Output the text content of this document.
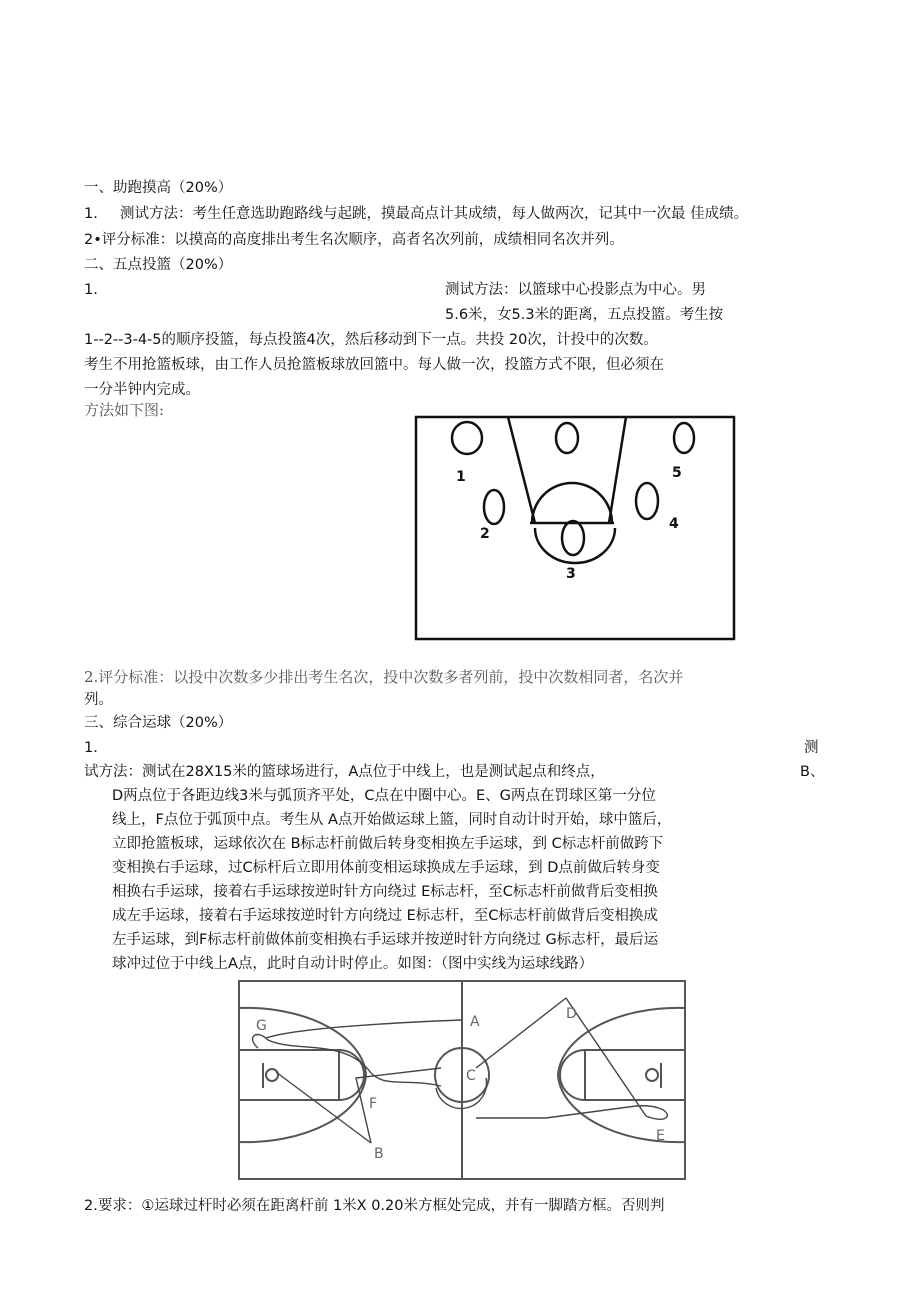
一、助跑摸高（20%）
1. 测试方法：考生任意选助跑路线与起跳，摸最高点计其成绩，每人做两次，记其中一次最 佳成绩。
2•评分标准：以摸高的高度排出考生名次顺序，高者名次列前，成绩相同名次并列。
二、五点投篮（20%）
1.	测试方法：以篮球中心投影点为中心。男
5.6米，女5.3米的距离，五点投篮。考生按
1--2--3-4-5的顺序投篮，每点投篮4次，然后移动到下一点。共投 20次，计投中的次数。
考生不用抢篮板球，由工作人员抢篮板球放回篮中。每人做一次，投篮方式不限，但必须在
一分半钟内完成。
方法如下图:
1
2
3
4
5
2.评分标准：以投中次数多少排出考生名次，投中次数多者列前，投中次数相同者，名次并
列。
三、综合运球（20%）
1.	测
试方法：测试在28X15米的篮球场进行，A点位于中线上，也是测试起点和终点，	B、
D两点位于各距边线3米与弧顶齐平处，C点在中圈中心。E、G两点在罚球区第一分位
线上，F点位于弧顶中点。考生从 A点开始做运球上篮，同时自动计时开始，球中篮后，
立即抢篮板球，运球依次在 B标志杆前做后转身变相换左手运球，到 C标志杆前做跨下
变相换右手运球，过C标杆后立即用体前变相运球换成左手运球，到 D点前做后转身变
相换右手运球，接着右手运球按逆时针方向绕过 E标志杆，至C标志杆前做背后变相换
成左手运球，接着右手运球按逆时针方向绕过 E标志杆，至C标志杆前做背后变相换成
左手运球，到F标志杆前做体前变相换右手运球并按逆时针方向绕过 G标志杆，最后运
球冲过位于中线上A点，此时自动计时停止。如图：（图中实线为运球线路）
G	A	D
C
F
B
E
2.要求：①运球过杆时必须在距离杆前 1米X 0.20米方框处完成，并有一脚踏方框。否则判
